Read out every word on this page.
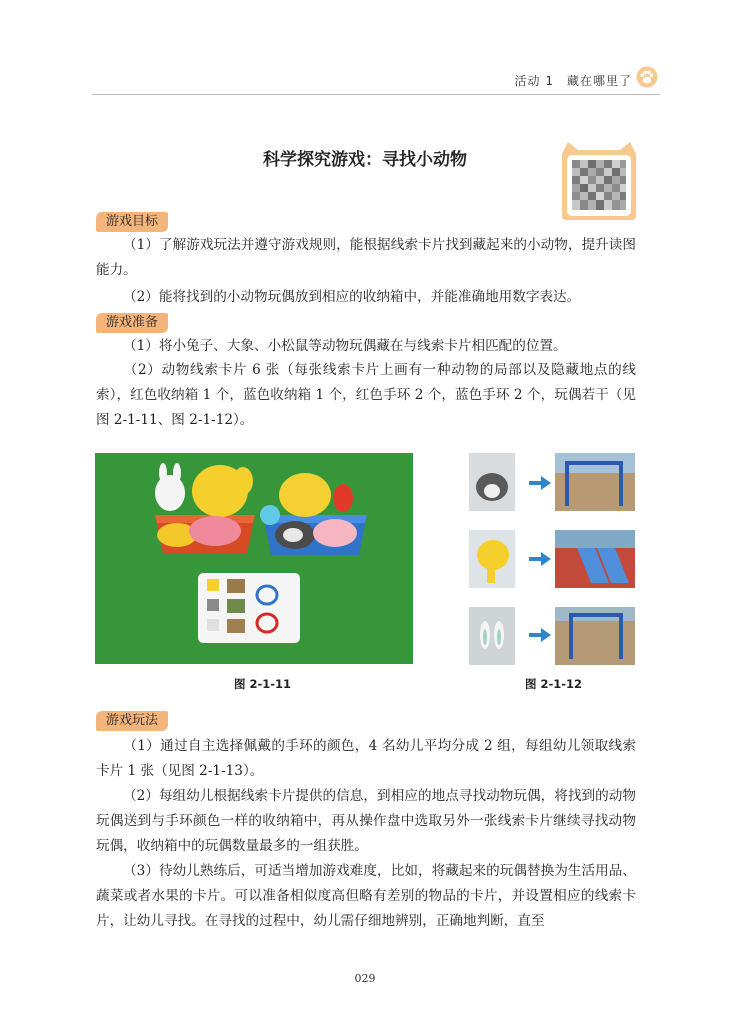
活动 1　藏在哪里了
科学探究游戏：寻找小动物
游戏目标
（1）了解游戏玩法并遵守游戏规则，能根据线索卡片找到藏起来的小动物，提升读图能力。
（2）能将找到的小动物玩偶放到相应的收纳箱中，并能准确地用数字表达。
游戏准备
（1）将小兔子、大象、小松鼠等动物玩偶藏在与线索卡片相匹配的位置。
（2）动物线索卡片 6 张（每张线索卡片上画有一种动物的局部以及隐藏地点的线索），红色收纳箱 1 个，蓝色收纳箱 1 个，红色手环 2 个，蓝色手环 2 个，玩偶若干（见图 2-1-11、图 2-1-12）。
图 2-1-11	图 2-1-12
游戏玩法
（1）通过自主选择佩戴的手环的颜色，4 名幼儿平均分成 2 组，每组幼儿领取线索卡片 1 张（见图 2-1-13）。
（2）每组幼儿根据线索卡片提供的信息，到相应的地点寻找动物玩偶，将找到的动物玩偶送到与手环颜色一样的收纳箱中，再从操作盘中选取另外一张线索卡片继续寻找动物玩偶，收纳箱中的玩偶数量最多的一组获胜。
（3）待幼儿熟练后，可适当增加游戏难度，比如，将藏起来的玩偶替换为生活用品、蔬菜或者水果的卡片。可以准备相似度高但略有差别的物品的卡片，并设置相应的线索卡片，让幼儿寻找。在寻找的过程中，幼儿需仔细地辨别，正确地判断，直至
029
